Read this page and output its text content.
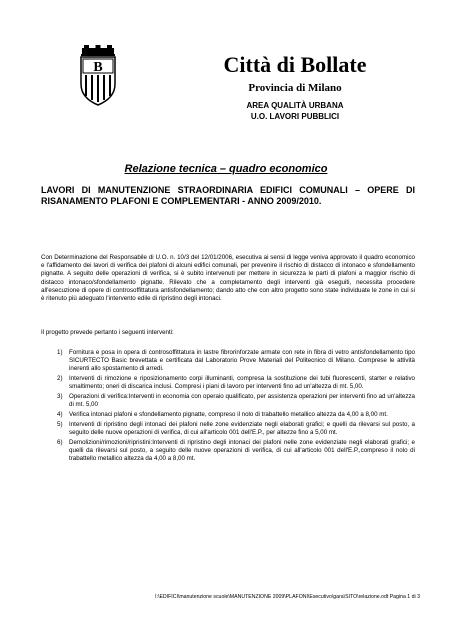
B	Città di Bollate
Provincia di Milano
AREA QUALITÀ URBANA
U.O. LAVORI PUBBLICI
Relazione tecnica – quadro economico
LAVORI DI MANUTENZIONE STRAORDINARIA EDIFICI COMUNALI – OPERE DI RISANAMENTO PLAFONI E COMPLEMENTARI - ANNO 2009/2010.
Con Determinazione del Responsabile di U.O. n. 10/3 del 12/01/2006, esecutiva ai sensi di legge veniva approvato il quadro economico e l'affidamento dei lavori di verifica dei plafoni di alcuni edifici comunali, per prevenire il rischio di distacco di intonaco e sfondellamento pignatte. A seguito delle operazioni di verifica, si è subito intervenuti per mettere in sicurezza le parti di plafoni a maggior rischio di distacco intonaco/sfondellamento pignatte. Rilevato che a completamento degli interventi già eseguiti, necessita procedere all'esecuzione di opere di controsoffittatura antisfondellamento; dando atto che con altro progetto sono state individuate le zone in cui si è ritenuto più adeguato l'intervento edile di ripristino degli intonaci.
Il progetto prevede pertanto i seguenti interventi:
1) Fornitura e posa in opera di controsoffittatura in lastre fibrorinforzate armate con rete in fibra di vetro antisfondellamento tipo SICURTECTO Basic brevettata e certificata dal Laboratorio Prove Materiali del Politecnico di Milano. Comprese le attività inerenti allo spostamento di arredi.
2) Interventi di rimozione e riposizionamento corpi illuminanti, compresa la sostituzione dei tubi fluorescenti, starter e relativo smaltimento; oneri di discarica inclusi. Compresi i piani di lavoro per interventi fino ad un'altezza di mt. 5,00.
3) Operazioni di verifica:Interventi in economia con operaio qualificato, per assistenza operazioni per interventi fino ad un'altezza di mt. 5,00
4) Verifica intonaci plafoni e sfondellamento pignatte, compreso il nolo di trabattello metallico altezza da 4,00 a 8,00 mt.
5) Interventi di ripristino degli intonaci dei plafoni nelle zone evidenziate negli elaborati grafici; e quelli da rilevarsi sul posto, a seguito delle nuove operazioni di verifica, di cui all'articolo 001 dell'E.P., per altezze fino a 5,00 mt.
6) Demolizioni/rimozioni/ripristini:Interventi di ripristino degli intonaci dei plafoni nelle zone evidenziate negli elaborati grafici; e quelli da rilevarsi sul posto, a seguito delle nuove operazioni di verifica, di cui all'articolo 001 dell'E.P.,compreso il nolo di trabattello metallico altezza da 4,00 a 8,00 mt.
I:\EDIFICI\manutenzione scuole\MANUTENZIONE 2009\PLAFONI\Esecutivo\gara\SITO\relazione.odt Pagina 1 di 3
